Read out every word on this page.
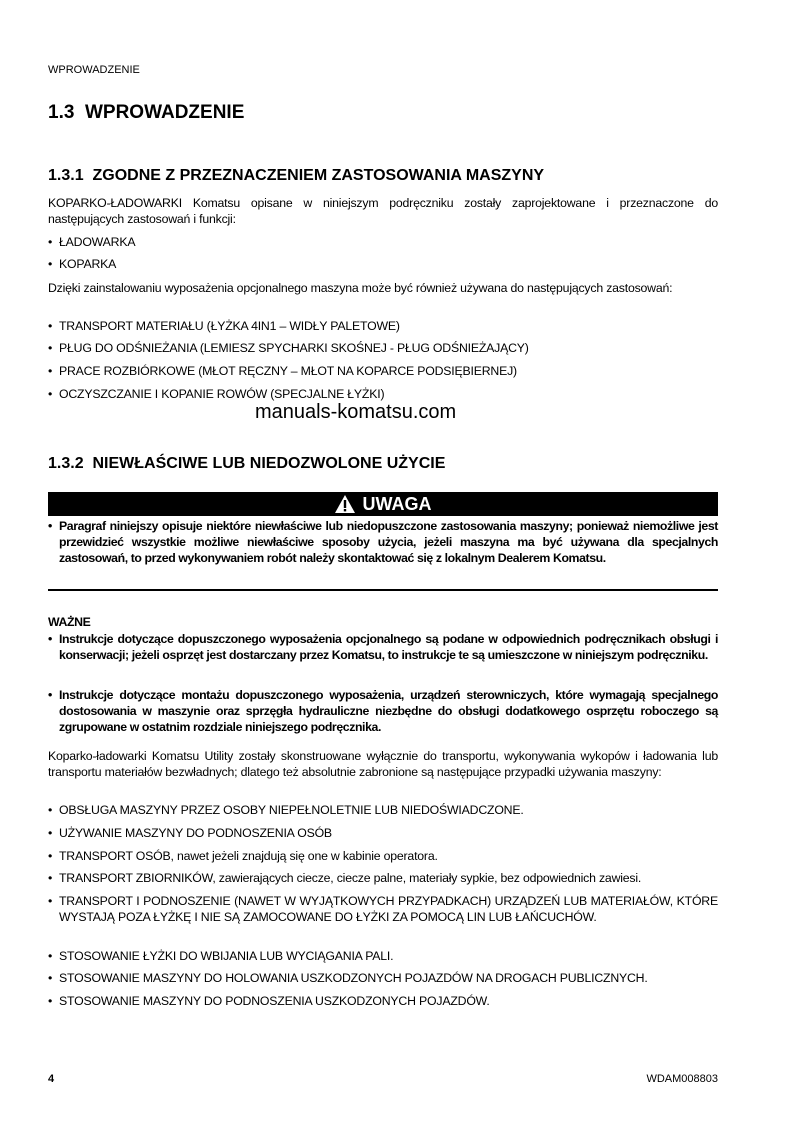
WPROWADZENIE
1.3 WPROWADZENIE
1.3.1 ZGODNE Z PRZEZNACZENIEM ZASTOSOWANIA MASZYNY
KOPARKO-ŁADOWARKI Komatsu opisane w niniejszym podręczniku zostały zaprojektowane i przeznaczone do następujących zastosowań i funkcji:
• ŁADOWARKA
• KOPARKA
Dzięki zainstalowaniu wyposażenia opcjonalnego maszyna może być również używana do następujących zastosowań:
• TRANSPORT MATERIAŁU (ŁYŻKA 4IN1 – WIDŁY PALETOWE)
• PŁUG DO ODŚNIEŻANIA (LEMIESZ SPYCHARKI SKOŚNEJ - PŁUG ODŚNIEŻAJĄCY)
• PRACE ROZBIÓRKOWE (MŁOT RĘCZNY – MŁOT NA KOPARCE PODSIĘBIERNEJ)
• OCZYSZCZANIE I KOPANIE ROWÓW (SPECJALNE ŁYŻKI)
manuals-komatsu.com
1.3.2 NIEWŁAŚCIWE LUB NIEDOZWOLONE UŻYCIE
UWAGA
• Paragraf niniejszy opisuje niektóre niewłaściwe lub niedopuszczone zastosowania maszyny; ponieważ niemożliwe jest przewidzieć wszystkie możliwe niewłaściwe sposoby użycia, jeżeli maszyna ma być używana dla specjalnych zastosowań, to przed wykonywaniem robót należy skontaktować się z lokalnym Dealerem Komatsu.
WAŻNE
• Instrukcje dotyczące dopuszczonego wyposażenia opcjonalnego są podane w odpowiednich podręcznikach obsługi i konserwacji; jeżeli osprzęt jest dostarczany przez Komatsu, to instrukcje te są umieszczone w niniejszym podręczniku.
• Instrukcje dotyczące montażu dopuszczonego wyposażenia, urządzeń sterowniczych, które wymagają specjalnego dostosowania w maszynie oraz sprzęgła hydrauliczne niezbędne do obsługi dodatkowego osprzętu roboczego są zgrupowane w ostatnim rozdziale niniejszego podręcznika.
Koparko-ładowarki Komatsu Utility zostały skonstruowane wyłącznie do transportu, wykonywania wykopów i ładowania lub transportu materiałów bezwładnych; dlatego też absolutnie zabronione są następujące przypadki używania maszyny:
• OBSŁUGA MASZYNY PRZEZ OSOBY NIEPEŁNOLETNIE LUB NIEDOŚWIADCZONE.
• UŻYWANIE MASZYNY DO PODNOSZENIA OSÓB
• TRANSPORT OSÓB, nawet jeżeli znajdują się one w kabinie operatora.
• TRANSPORT ZBIORNIKÓW, zawierających ciecze, ciecze palne, materiały sypkie, bez odpowiednich zawiesi.
• TRANSPORT I PODNOSZENIE (NAWET W WYJĄTKOWYCH PRZYPADKACH) URZĄDZEŃ LUB MATERIAŁÓW, KTÓRE WYSTAJĄ POZA ŁYŻKĘ I NIE SĄ ZAMOCOWANE DO ŁYŻKI ZA POMOCĄ LIN LUB ŁAŃCUCHÓW.
• STOSOWANIE ŁYŻKI DO WBIJANIA LUB WYCIĄGANIA PALI.
• STOSOWANIE MASZYNY DO HOLOWANIA USZKODZONYCH POJAZDÓW NA DROGACH PUBLICZNYCH.
• STOSOWANIE MASZYNY DO PODNOSZENIA USZKODZONYCH POJAZDÓW.
4	WDAM008803
